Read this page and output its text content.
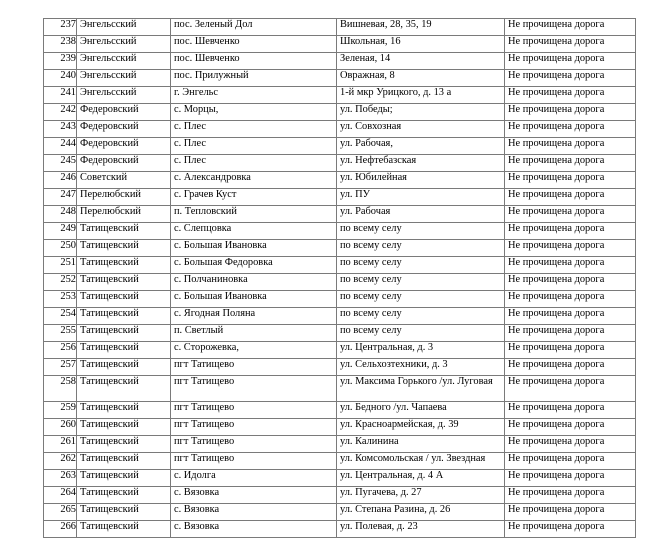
237	Энгельсский	пос. Зеленый Дол	Вишневая, 28, 35, 19	Не прочищена дорога
238	Энгельсский	пос. Шевченко	Школьная, 16	Не прочищена дорога
239	Энгельсский	пос. Шевченко	Зеленая, 14	Не прочищена дорога
240	Энгельсский	пос. Прилужный	Овражная, 8	Не прочищена дорога
241	Энгельсский	г. Энгельс	1-й мкр Урицкого, д. 13 а	Не прочищена дорога
242	Федеровский	с. Морцы,	ул. Победы;	Не прочищена дорога
243	Федеровский	с. Плес	ул. Совхозная	Не прочищена дорога
244	Федеровский	с. Плес	ул. Рабочая,	Не прочищена дорога
245	Федеровский	с. Плес	ул. Нефтебазская	Не прочищена дорога
246	Советский	с. Александровка	ул. Юбилейная	Не прочищена дорога
247	Перелюбский	с. Грачев Куст	ул. ПУ	Не прочищена дорога
248	Перелюбский	п. Тепловский	ул. Рабочая	Не прочищена дорога
249	Татищевский	с. Слепцовка	по всему селу	Не прочищена дорога
250	Татищевский	с. Большая Ивановка	по всему селу	Не прочищена дорога
251	Татищевский	с. Большая Федоровка	по всему селу	Не прочищена дорога
252	Татищевский	с. Полчаниновка	по всему селу	Не прочищена дорога
253	Татищевский	с. Большая Ивановка	по всему селу	Не прочищена дорога
254	Татищевский	с. Ягодная Поляна	по всему селу	Не прочищена дорога
255	Татищевский	п. Светлый	по всему селу	Не прочищена дорога
256	Татищевский	с. Сторожевка,	ул. Центральная, д. 3	Не прочищена дорога
257	Татищевский	пгт Татищево	ул. Сельхозтехники, д. 3	Не прочищена дорога
258	Татищевский	пгт Татищево	ул. Максима Горького /ул. Луговая	Не прочищена дорога
259	Татищевский	пгт Татищево	ул. Бедного /ул. Чапаева	Не прочищена дорога
260	Татищевский	пгт Татищево	ул. Красноармейская, д. 39	Не прочищена дорога
261	Татищевский	пгт Татищево	ул. Калинина	Не прочищена дорога
262	Татищевский	пгт Татищево	ул. Комсомольская / ул. Звездная	Не прочищена дорога
263	Татищевский	с. Идолга	ул. Центральная, д. 4 А	Не прочищена дорога
264	Татищевский	с. Вязовка	ул. Пугачева, д. 27	Не прочищена дорога
265	Татищевский	с. Вязовка	ул. Степана Разина, д. 26	Не прочищена дорога
266	Татищевский	с. Вязовка	ул. Полевая, д. 23	Не прочищена дорога
